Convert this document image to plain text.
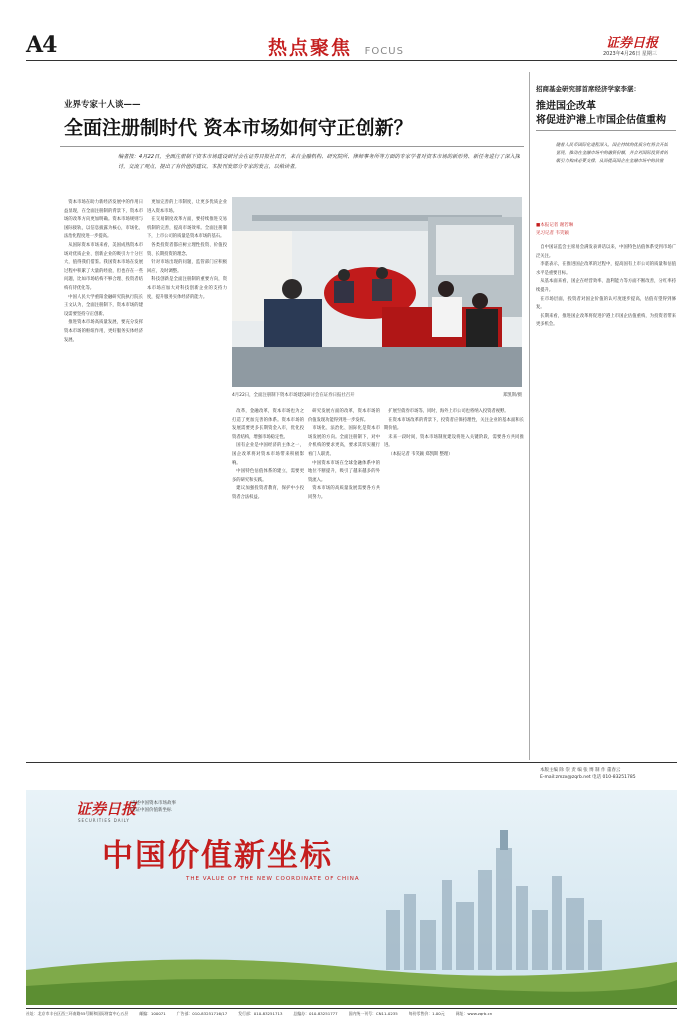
A4	热点聚焦 FOCUS
证券日报
2023年4月26日 星期三
业界专家十人谈——
全面注册制时代 资本市场如何守正创新？
编者按：4月22日，全面注册制下资本市场建设研讨会在证券日报社召开，来自金融机构、研究院所、律师事务所等方面的专家学者对资本市场的新形势、新任务进行了深入探讨，交流了观点，提出了有价值的建议。本报刊发部分专家的发言，以飨读者。
4月22日，全面注册制下资本市场建设研讨会在证券日报社召开	郑凯斯/摄

资本市场在助力新经济发展中的作用日益显现，在全面注册制的背景下，资本市场的改革方向更加明确。资本市场规则与国际接轨，以信息披露为核心，市场化、法治化程度进一步提高。

从国际资本市场来看，美国成熟资本市场对优质企业、创新企业的吸引力十分巨大，值得我们借鉴。我国资本市场在发展过程中积累了大量的经验，但也存在一些问题，比如市场结构不够合理、投资者结构有待优化等。

中国人民大学重阳金融研究院执行院长王文认为，全面注册制下，资本市场的建设需要坚持守正创新。

推进资本市场高质量发展，要充分发挥资本市场的枢纽作用，更好服务实体经济发展。

更加完善的上市制度，让更多优质企业进入资本市场。

在交易制度改革方面，要持续推进交易机制的完善，提高市场效率。全面注册制下，上市公司的质量是资本市场的基石。

各类投资者都应树立理性投资、价值投资、长期投资的理念。

针对市场出现的问题，监管部门应积极回应，及时调整。

科技创新是全面注册制的重要方向，资本市场应加大对科技创新企业的支持力度，提升服务实体经济的能力。

改革，金融改革，资本市场也为之打造了更加完善的体系。资本市场的发展需要更多长期资金入市，优化投资者结构，增强市场稳定性。

国有企业是中国经济的主体之一，国企改革将对资本市场带来积极影响。

中国特色估值体系的建立，需要更多的研究和实践。

建议加强投资者教育，保护中小投资者合法权益。

研究发展方面的改革，资本市场的价值发现功能得到进一步发挥。

市场化、法治化、国际化是资本市场发展的方向。全面注册制下，对中介机构的要求更高，要求其切实履行看门人职责。

中国资本市场在全球金融体系中的地位不断提升，吸引了越来越多的外资流入。

资本市场的高质量发展需要各方共同努力。

扩展至债券市场等。同时，海外上市公司也将纳入投资者视野。

在资本市场改革的背景下，投资者应保持理性，关注企业的基本面和长期价值。

未来一段时间，资本市场制度建设将进入关键阶段，需要各方共同推进。

（本报记者 韦笑颖 郑凯斯 整理）

招商基金研究部首席经济学家李湛：
推进国企改革
将促进沪港上市国企估值重构
随着人民币国际化进程深入，国企持续的优质分红将会开始显现，推动在金融市场中的融资份额，并会对国际投资者的吸引力构成必要支撑，从而提高国企在金融市场中的估值
■本报记者 谢若琳
见习记者 韦笑颖

自中国证监会主席易会满发表讲话以来，中国特色估值体系受到市场广泛关注。

李湛表示，在推进国企改革的过程中，提高国有上市公司的质量和估值水平是重要目标。

从基本面来看，国企在经营效率、盈利能力等方面不断改善，分红率持续提升。

在市场层面，投资者对国企价值的认可度逐步提高，估值有望得到修复。

长期来看，推进国企改革将促进沪港上市国企估值重构，为投资者带来更多机会。

本版主编 除 崇 责 编 张 博 制 作 董春云
E-mail:zmzx@zqrb.net 电话 010-83251785
证券日报
SECURITIES DAILY
讲述中国资本市场故事
见证中国价值新坐标
中国价值新坐标
THE VALUE OF THE NEW COORDINATE OF CHINA
社址：北京市丰台区西三环南路55号顺和国际财富中心五层	邮编：100071	广告部：010-83251716/17	发行部：010-83251713	总编办：010-83251777	国内统一刊号：CN11-0235	每份零售价：1.00元	网址：www.zqrb.cn
